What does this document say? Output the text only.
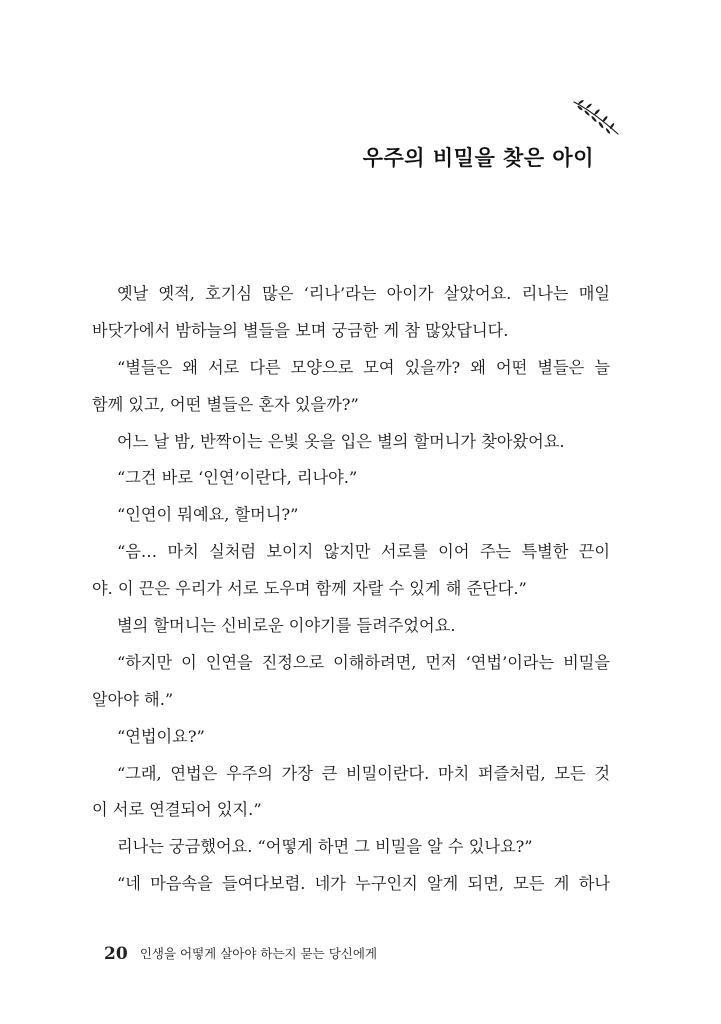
우주의 비밀을 찾은 아이
옛날 옛적, 호기심 많은 ‘리나’라는 아이가 살았어요. 리나는 매일
바닷가에서 밤하늘의 별들을 보며 궁금한 게 참 많았답니다.
“별들은 왜 서로 다른 모양으로 모여 있을까? 왜 어떤 별들은 늘
함께 있고, 어떤 별들은 혼자 있을까?”
어느 날 밤, 반짝이는 은빛 옷을 입은 별의 할머니가 찾아왔어요.
“그건 바로 ‘인연’이란다, 리나야.”
“인연이 뭐예요, 할머니?”
“음… 마치 실처럼 보이지 않지만 서로를 이어 주는 특별한 끈이
야. 이 끈은 우리가 서로 도우며 함께 자랄 수 있게 해 준단다.”
별의 할머니는 신비로운 이야기를 들려주었어요.
“하지만 이 인연을 진정으로 이해하려면, 먼저 ‘연법’이라는 비밀을
알아야 해.”
“연법이요?”
“그래, 연법은 우주의 가장 큰 비밀이란다. 마치 퍼즐처럼, 모든 것
이 서로 연결되어 있지.”
리나는 궁금했어요. “어떻게 하면 그 비밀을 알 수 있나요?”
“네 마음속을 들여다보렴. 네가 누구인지 알게 되면, 모든 게 하나
20 인생을 어떻게 살아야 하는지 묻는 당신에게
